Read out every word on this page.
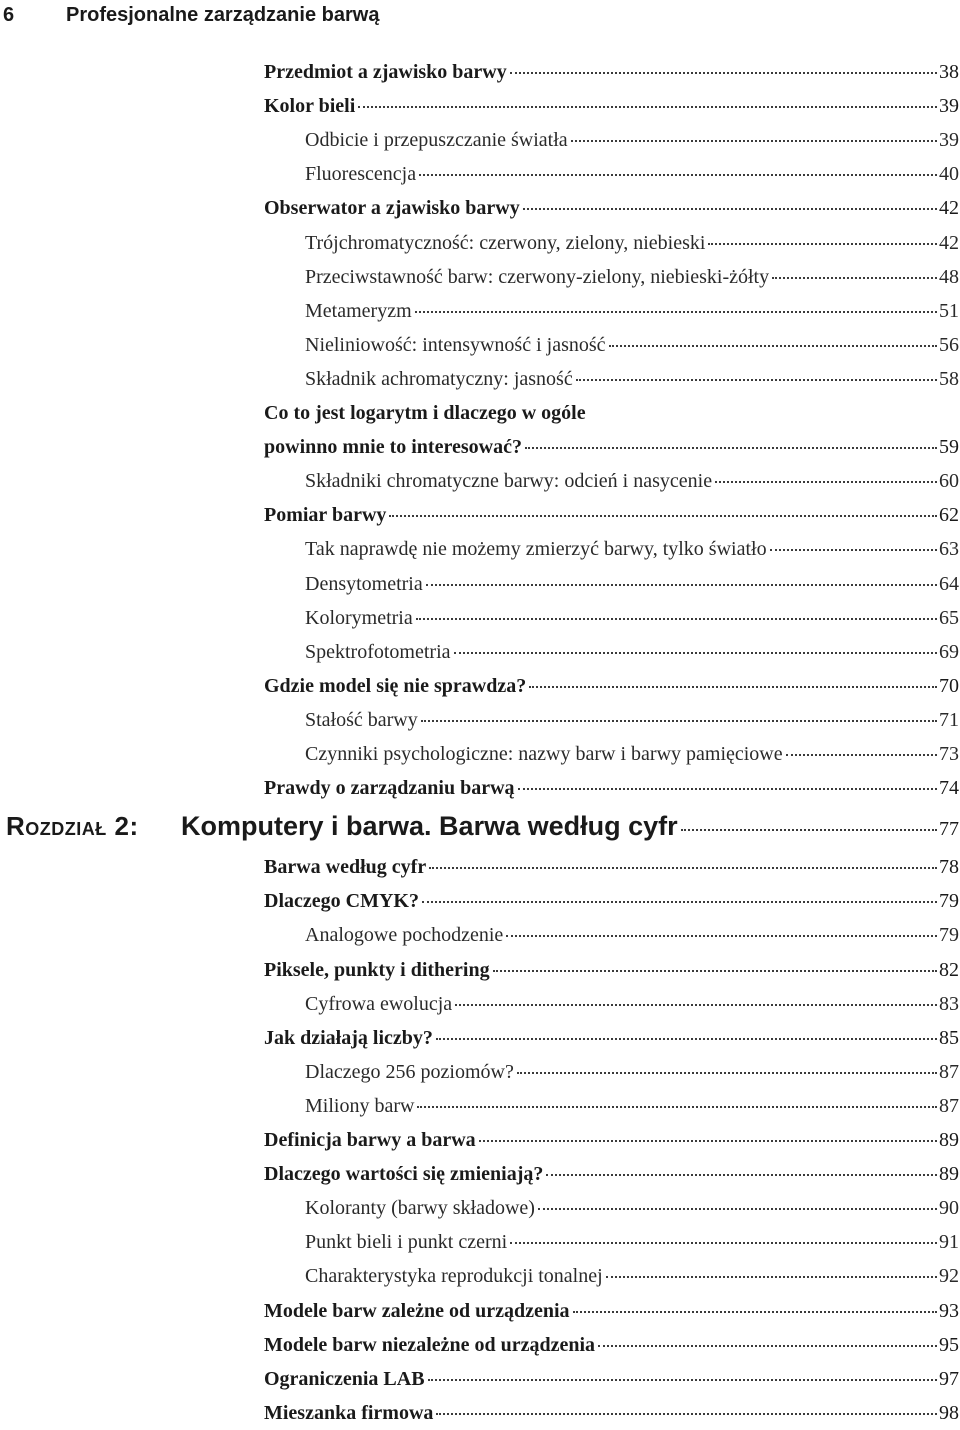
6	Profesjonalne zarządzanie barwą
Przedmiot a zjawisko barwy	38
Kolor bieli	39
Odbicie i przepuszczanie światła	39
Fluorescencja	40
Obserwator a zjawisko barwy	42
Trójchromatyczność: czerwony, zielony, niebieski	42
Przeciwstawność barw: czerwony-zielony, niebieski-żółty	48
Metameryzm	51
Nieliniowość: intensywność i jasność	56
Składnik achromatyczny: jasność	58
Co to jest logarytm i dlaczego w ogóle
powinno mnie to interesować?	59
Składniki chromatyczne barwy: odcień i nasycenie	60
Pomiar barwy	62
Tak naprawdę nie możemy zmierzyć barwy, tylko światło	63
Densytometria	64
Kolorymetria	65
Spektrofotometria	69
Gdzie model się nie sprawdza?	70
Stałość barwy	71
Czynniki psychologiczne: nazwy barw i barwy pamięciowe	73
Prawdy o zarządzaniu barwą	74
Rozdział 2: Komputery i barwa. Barwa według cyfr	77
Barwa według cyfr	78
Dlaczego CMYK?	79
Analogowe pochodzenie	79
Piksele, punkty i dithering	82
Cyfrowa ewolucja	83
Jak działają liczby?	85
Dlaczego 256 poziomów?	87
Miliony barw	87
Definicja barwy a barwa	89
Dlaczego wartości się zmieniają?	89
Koloranty (barwy składowe)	90
Punkt bieli i punkt czerni	91
Charakterystyka reprodukcji tonalnej	92
Modele barw zależne od urządzenia	93
Modele barw niezależne od urządzenia	95
Ograniczenia LAB	97
Mieszanka firmowa	98
